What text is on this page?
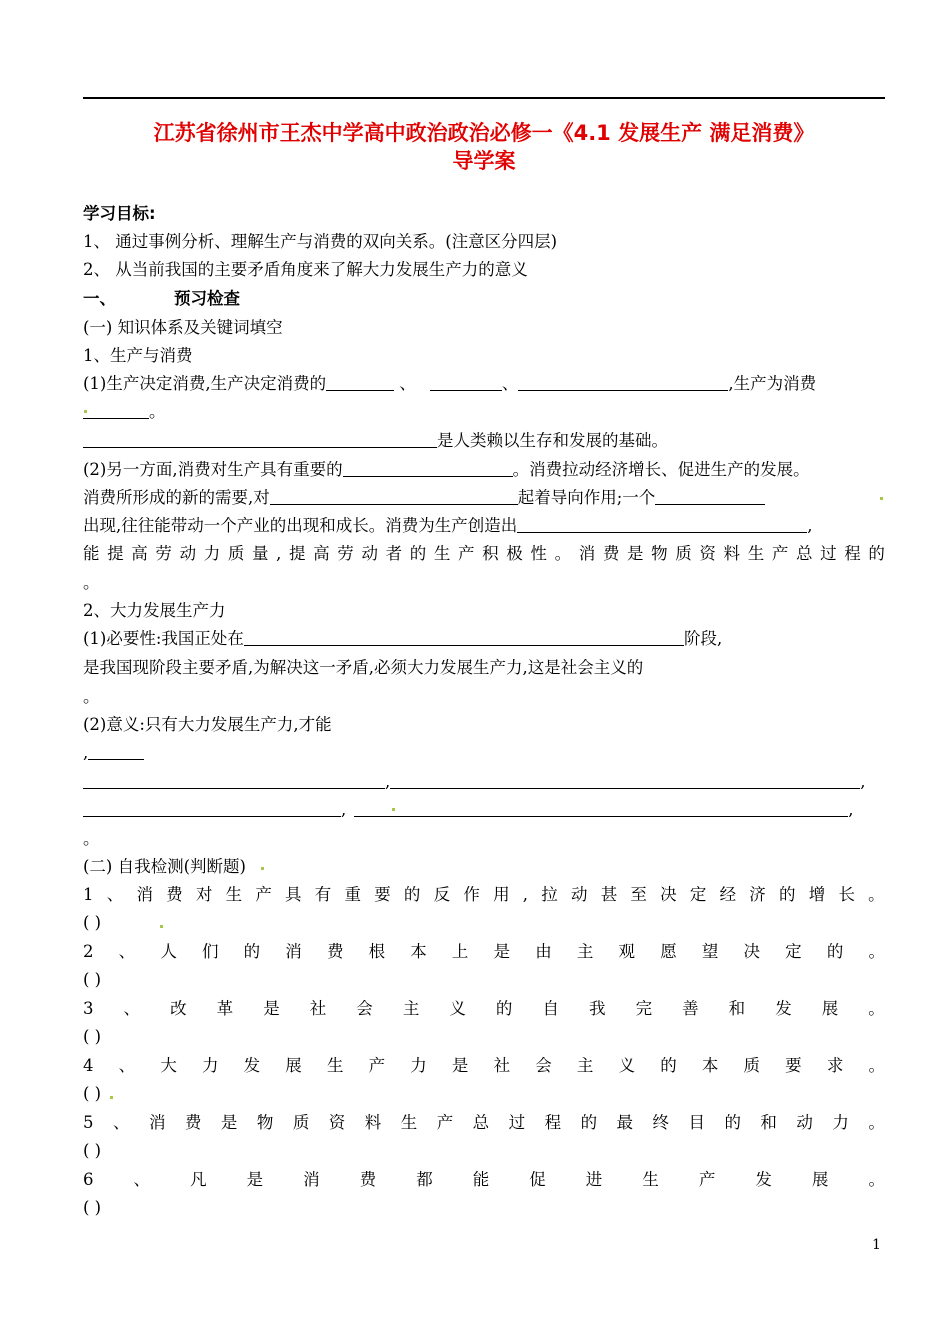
江苏省徐州市王杰中学高中政治政治必修一《4.1 发展生产 满足消费》
导学案
学习目标:
1、 通过事例分析、理解生产与消费的双向关系。(注意区分四层)
2、 从当前我国的主要矛盾角度来了解大力发展生产力的意义
一、	预习检查
(一) 知识体系及关键词填空
1、生产与消费
(1)生产决定消费,生产决定消费的	、	、	,生产为消费
。
是人类赖以生存和发展的基础。
(2)另一方面,消费对生产具有重要的	。消费拉动经济增长、促进生产的发展。
消费所形成的新的需要,对	起着导向作用;一个
出现,往往能带动一个产业的出现和成长。消费为生产创造出	,
能 提 高 劳 动 力 质 量 , 提 高 劳 动 者 的 生 产 积 极 性 。 消 费 是 物 质 资 料 生 产 总 过 程 的
。
2、大力发展生产力
(1)必要性:我国正处在	阶段,
是我国现阶段主要矛盾,为解决这一矛盾,必须大力发展生产力,这是社会主义的
。
(2)意义:只有大力发展生产力,才能
,
,	,
,	,
。
(二) 自我检测(判断题)
1 、 消 费 对 生 产 具 有 重 要 的 反 作 用 , 拉 动 甚 至 决 定 经 济 的 增 长 。
( )
2 、 人 们 的 消 费 根 本 上 是 由 主 观 愿 望 决 定 的 。
( )
3 、 改 革 是 社 会 主 义 的 自 我 完 善 和 发 展 。
( )
4 、 大 力 发 展 生 产 力 是 社 会 主 义 的 本 质 要 求 。
( )
5 、 消 费 是 物 质 资 料 生 产 总 过 程 的 最 终 目 的 和 动 力 。
( )
6 、 凡 是 消 费 都 能 促 进 生 产 发 展 。
( )
1
